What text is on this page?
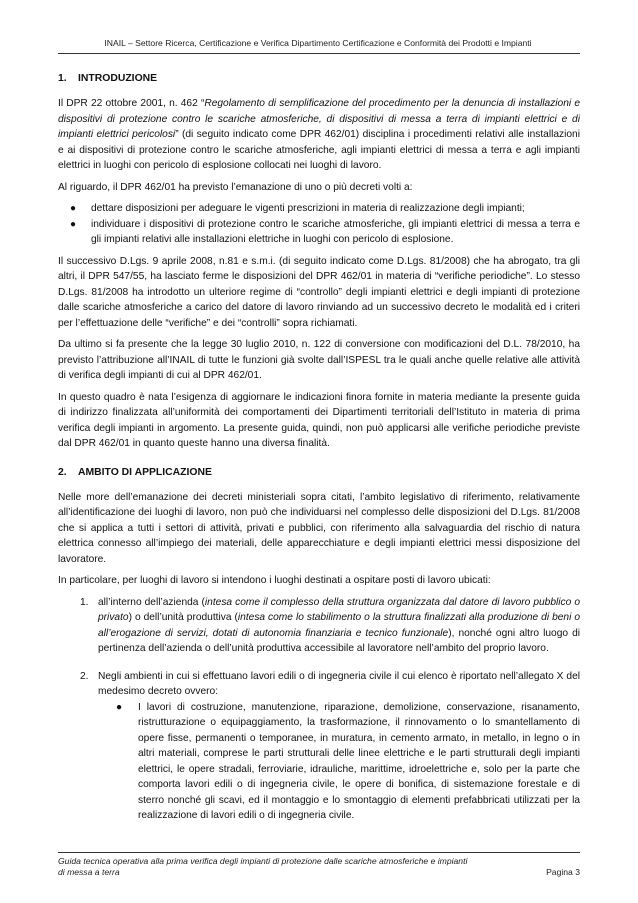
INAIL – Settore Ricerca, Certificazione e Verifica Dipartimento Certificazione e Conformità dei Prodotti e Impianti
1. INTRODUZIONE

Il DPR 22 ottobre 2001, n. 462 “Regolamento di semplificazione del procedimento per la denuncia di installazioni e dispositivi di protezione contro le scariche atmosferiche, di dispositivi di messa a terra di impianti elettrici e di impianti elettrici pericolosi” (di seguito indicato come DPR 462/01) disciplina i procedimenti relativi alle installazioni e ai dispositivi di protezione contro le scariche atmosferiche, agli impianti elettrici di messa a terra e agli impianti elettrici in luoghi con pericolo di esplosione collocati nei luoghi di lavoro.

Al riguardo, il DPR 462/01 ha previsto l’emanazione di uno o più decreti volti a:

● dettare disposizioni per adeguare le vigenti prescrizioni in materia di realizzazione degli impianti;
● individuare i dispositivi di protezione contro le scariche atmosferiche, gli impianti elettrici di messa a terra e gli impianti relativi alle installazioni elettriche in luoghi con pericolo di esplosione.

Il successivo D.Lgs. 9 aprile 2008, n.81 e s.m.i. (di seguito indicato come D.Lgs. 81/2008) che ha abrogato, tra gli altri, il DPR 547/55, ha lasciato ferme le disposizioni del DPR 462/01 in materia di “verifiche periodiche”. Lo stesso D.Lgs. 81/2008 ha introdotto un ulteriore regime di “controllo” degli impianti elettrici e degli impianti di protezione dalle scariche atmosferiche a carico del datore di lavoro rinviando ad un successivo decreto le modalità ed i criteri per l’effettuazione delle “verifiche” e dei “controlli” sopra richiamati.

Da ultimo si fa presente che la legge 30 luglio 2010, n. 122 di conversione con modificazioni del D.L. 78/2010, ha previsto l’attribuzione all’INAIL di tutte le funzioni già svolte dall’ISPESL tra le quali anche quelle relative alle attività di verifica degli impianti di cui al DPR 462/01.

In questo quadro è nata l’esigenza di aggiornare le indicazioni finora fornite in materia mediante la presente guida di indirizzo finalizzata all’uniformità dei comportamenti dei Dipartimenti territoriali dell’Istituto in materia di prima verifica degli impianti in argomento. La presente guida, quindi, non può applicarsi alle verifiche periodiche previste dal DPR 462/01 in quanto queste hanno una diversa finalità.

2. AMBITO DI APPLICAZIONE

Nelle more dell’emanazione dei decreti ministeriali sopra citati, l’ambito legislativo di riferimento, relativamente all’identificazione dei luoghi di lavoro, non può che individuarsi nel complesso delle disposizioni del D.Lgs. 81/2008 che si applica a tutti i settori di attività, privati e pubblici, con riferimento alla salvaguardia del rischio di natura elettrica connesso all’impiego dei materiali, delle apparecchiature e degli impianti elettrici messi disposizione del lavoratore.

In particolare, per luoghi di lavoro si intendono i luoghi destinati a ospitare posti di lavoro ubicati:

1. all’interno dell’azienda (intesa come il complesso della struttura organizzata dal datore di lavoro pubblico o privato) o dell’unità produttiva (intesa come lo stabilimento o la struttura finalizzati alla produzione di beni o all’erogazione di servizi, dotati di autonomia finanziaria e tecnico funzionale), nonché ogni altro luogo di pertinenza dell’azienda o dell’unità produttiva accessibile al lavoratore nell’ambito del proprio lavoro.
2. Negli ambienti in cui si effettuano lavori edili o di ingegneria civile il cui elenco è riportato nell’allegato X del medesimo decreto ovvero:
● I lavori di costruzione, manutenzione, riparazione, demolizione, conservazione, risanamento, ristrutturazione o equipaggiamento, la trasformazione, il rinnovamento o lo smantellamento di opere fisse, permanenti o temporanee, in muratura, in cemento armato, in metallo, in legno o in altri materiali, comprese le parti strutturali delle linee elettriche e le parti strutturali degli impianti elettrici, le opere stradali, ferroviarie, idrauliche, marittime, idroelettriche e, solo per la parte che comporta lavori edili o di ingegneria civile, le opere di bonifica, di sistemazione forestale e di sterro nonché gli scavi, ed il montaggio e lo smontaggio di elementi prefabbricati utilizzati per la realizzazione di lavori edili o di ingegneria civile.
Guida tecnica operativa alla prima verifica degli impianti di protezione dalle scariche atmosferiche e impianti
di messa a terra	Pagina 3
